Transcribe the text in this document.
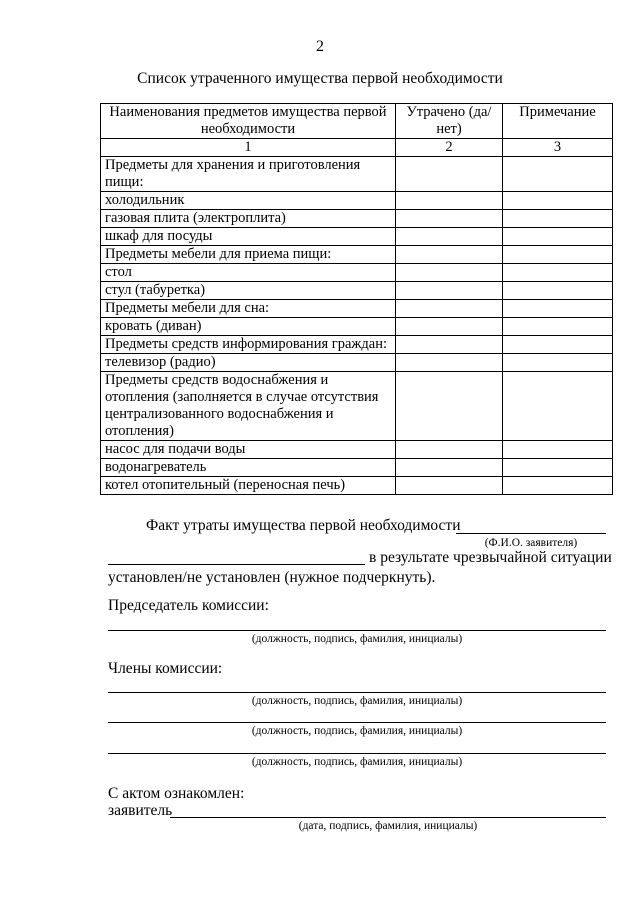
2
Список утраченного имущества первой необходимости
Наименования предметов имущества первой необходимости	Утрачено (да/нет)	Примечание
1	2	3
Предметы для хранения и приготовления пищи:		
холодильник		
газовая плита (электроплита)		
шкаф для посуды		
Предметы мебели для приема пищи:		
стол		
стул (табуретка)		
Предметы мебели для сна:		
кровать (диван)		
Предметы средств информирования граждан:		
телевизор (радио)		
Предметы средств водоснабжения и отопления (заполняется в случае отсутствия централизованного водоснабжения и отопления)		
насос для подачи воды		
водонагреватель		
котел отопительный (переносная печь)		
Факт утраты имущества первой необходимости
(Ф.И.О. заявителя)
в результате чрезвычайной ситуации
установлен/не установлен (нужное подчеркнуть).
Председатель комиссии:
(должность, подпись, фамилия, инициалы)
Члены комиссии:
(должность, подпись, фамилия, инициалы)
(должность, подпись, фамилия, инициалы)
(должность, подпись, фамилия, инициалы)
С актом ознакомлен:
заявитель
(дата, подпись, фамилия, инициалы)
